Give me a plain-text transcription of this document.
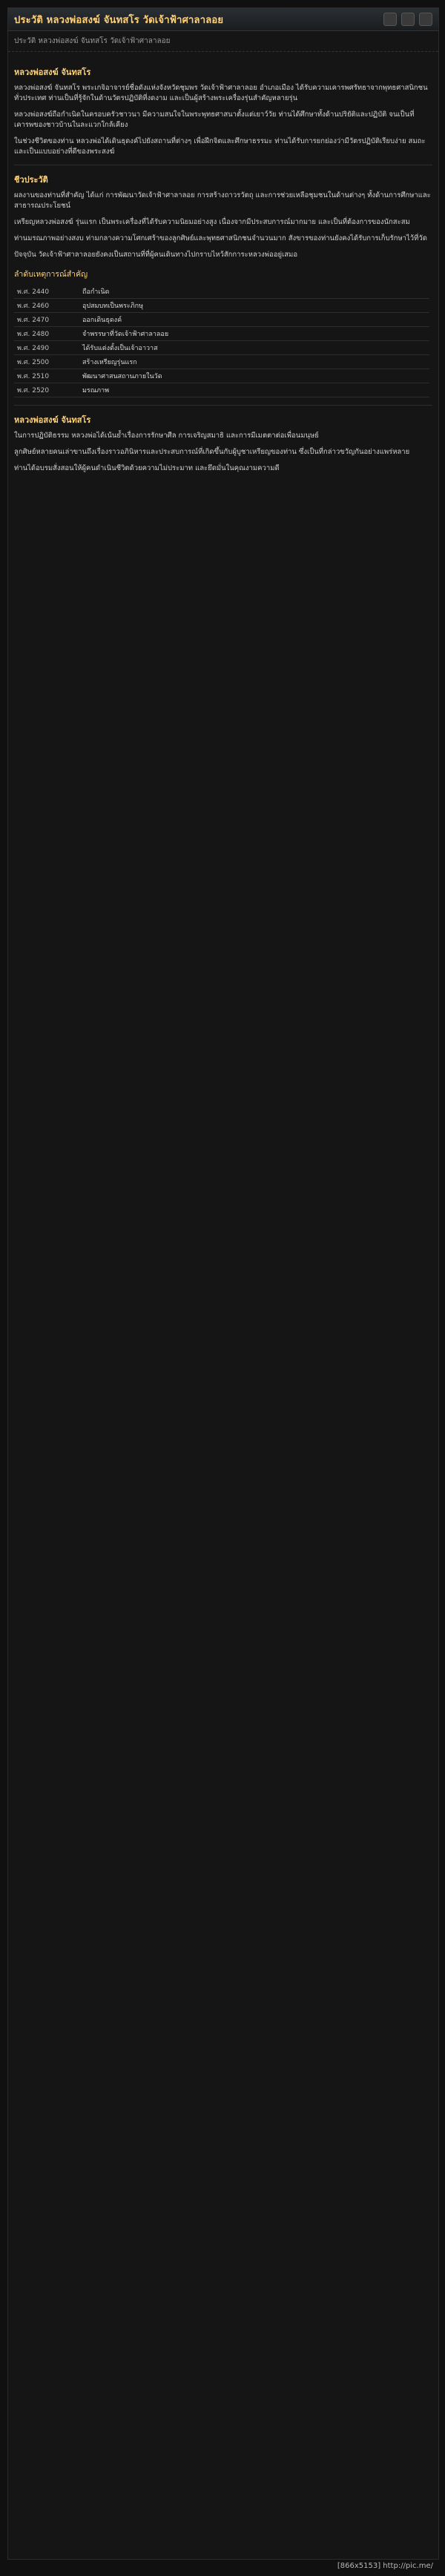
ประวัติ หลวงพ่อสงฆ์ จันทสโร วัดเจ้าฟ้าศาลาลอย
ประวัติ หลวงพ่อสงฆ์ จันทสโร วัดเจ้าฟ้าศาลาลอย
หลวงพ่อสงฆ์ จันทสโร

หลวงพ่อสงฆ์ จันทสโร พระเกจิอาจารย์ชื่อดังแห่งจังหวัดชุมพร วัดเจ้าฟ้าศาลาลอย อำเภอเมือง ได้รับความเคารพศรัทธาจากพุทธศาสนิกชนทั่วประเทศ ท่านเป็นที่รู้จักในด้านวัตรปฏิบัติที่งดงาม และเป็นผู้สร้างพระเครื่องรุ่นสำคัญหลายรุ่น

หลวงพ่อสงฆ์ถือกำเนิดในครอบครัวชาวนา มีความสนใจในพระพุทธศาสนาตั้งแต่เยาว์วัย ท่านได้ศึกษาทั้งด้านปริยัติและปฏิบัติ จนเป็นที่เคารพของชาวบ้านในละแวกใกล้เคียง

ในช่วงชีวิตของท่าน หลวงพ่อได้เดินธุดงค์ไปยังสถานที่ต่างๆ เพื่อฝึกจิตและศึกษาธรรมะ ท่านได้รับการยกย่องว่ามีวัตรปฏิบัติเรียบง่าย สมถะ และเป็นแบบอย่างที่ดีของพระสงฆ์

ชีวประวัติ

ผลงานของท่านที่สำคัญ ได้แก่ การพัฒนาวัดเจ้าฟ้าศาลาลอย การสร้างถาวรวัตถุ และการช่วยเหลือชุมชนในด้านต่างๆ ทั้งด้านการศึกษาและสาธารณประโยชน์

เหรียญหลวงพ่อสงฆ์ รุ่นแรก เป็นพระเครื่องที่ได้รับความนิยมอย่างสูง เนื่องจากมีประสบการณ์มากมาย และเป็นที่ต้องการของนักสะสม

ท่านมรณภาพอย่างสงบ ท่ามกลางความโศกเศร้าของลูกศิษย์และพุทธศาสนิกชนจำนวนมาก สังขารของท่านยังคงได้รับการเก็บรักษาไว้ที่วัด

ปัจจุบัน วัดเจ้าฟ้าศาลาลอยยังคงเป็นสถานที่ที่ผู้คนเดินทางไปกราบไหว้สักการะหลวงพ่ออยู่เสมอ

ลำดับเหตุการณ์สำคัญ
พ.ศ. 2440	ถือกำเนิด
พ.ศ. 2460	อุปสมบทเป็นพระภิกษุ
พ.ศ. 2470	ออกเดินธุดงค์
พ.ศ. 2480	จำพรรษาที่วัดเจ้าฟ้าศาลาลอย
พ.ศ. 2490	ได้รับแต่งตั้งเป็นเจ้าอาวาส
พ.ศ. 2500	สร้างเหรียญรุ่นแรก
พ.ศ. 2510	พัฒนาศาสนสถานภายในวัด
พ.ศ. 2520	มรณภาพ
หลวงพ่อสงฆ์ จันทสโร

ในการปฏิบัติธรรม หลวงพ่อได้เน้นย้ำเรื่องการรักษาศีล การเจริญสมาธิ และการมีเมตตาต่อเพื่อนมนุษย์

ลูกศิษย์หลายคนเล่าขานถึงเรื่องราวอภินิหารและประสบการณ์ที่เกิดขึ้นกับผู้บูชาเหรียญของท่าน ซึ่งเป็นที่กล่าวขวัญกันอย่างแพร่หลาย

ท่านได้อบรมสั่งสอนให้ผู้คนดำเนินชีวิตด้วยความไม่ประมาท และยึดมั่นในคุณงามความดี

[866x5153] http://pic.me/
